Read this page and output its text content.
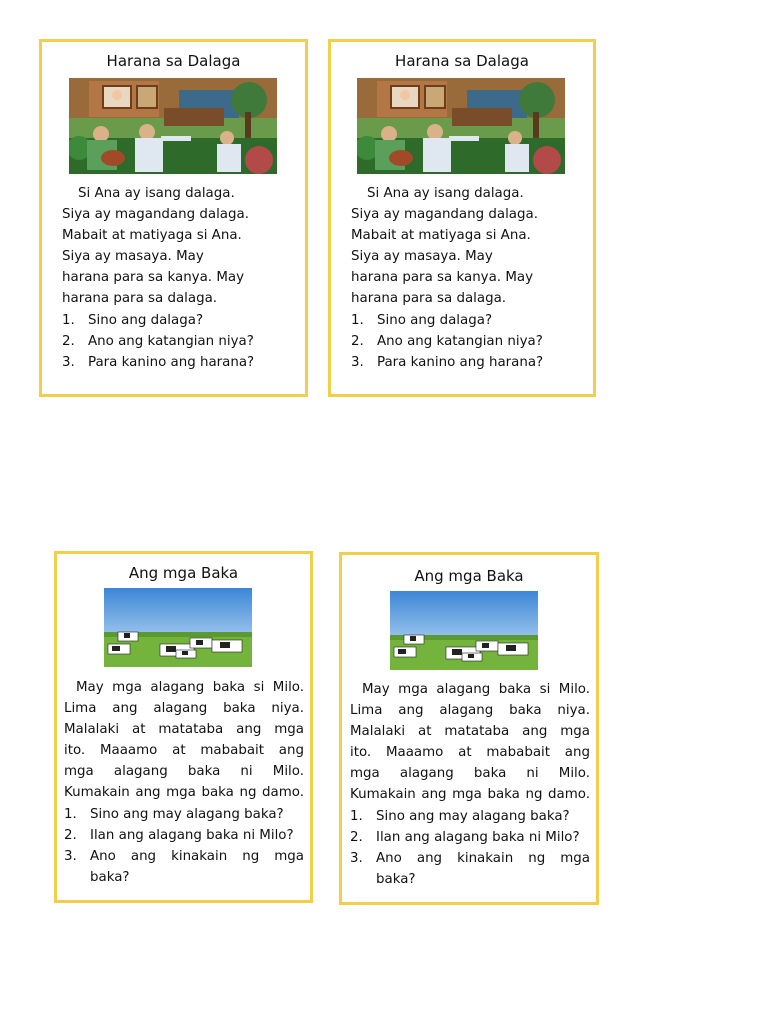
Harana sa Dalaga

Si Ana ay isang dalaga.

Siya ay magandang dalaga.

Mabait at matiyaga si Ana.

Siya ay masaya. May

harana para sa kanya. May

harana para sa dalaga.

1. Sino ang dalaga?
2. Ano ang katangian niya?
3. Para kanino ang harana?
Harana sa Dalaga

Si Ana ay isang dalaga.

Siya ay magandang dalaga.

Mabait at matiyaga si Ana.

Siya ay masaya. May

harana para sa kanya. May

harana para sa dalaga.

1. Sino ang dalaga?
2. Ano ang katangian niya?
3. Para kanino ang harana?
Ang mga Baka

May mga alagang baka si Milo.

Lima ang alagang baka niya.

Malalaki at matataba ang mga

ito. Maaamo at mababait ang

mga alagang baka ni Milo.

Kumakain ang mga baka ng damo.

1. Sino ang may alagang baka?
2. Ilan ang alagang baka ni Milo?
3. Ano ang kinakain ng mga baka?
Ang mga Baka

May mga alagang baka si Milo.

Lima ang alagang baka niya.

Malalaki at matataba ang mga

ito. Maaamo at mababait ang

mga alagang baka ni Milo.

Kumakain ang mga baka ng damo.

1. Sino ang may alagang baka?
2. Ilan ang alagang baka ni Milo?
3. Ano ang kinakain ng mga baka?
